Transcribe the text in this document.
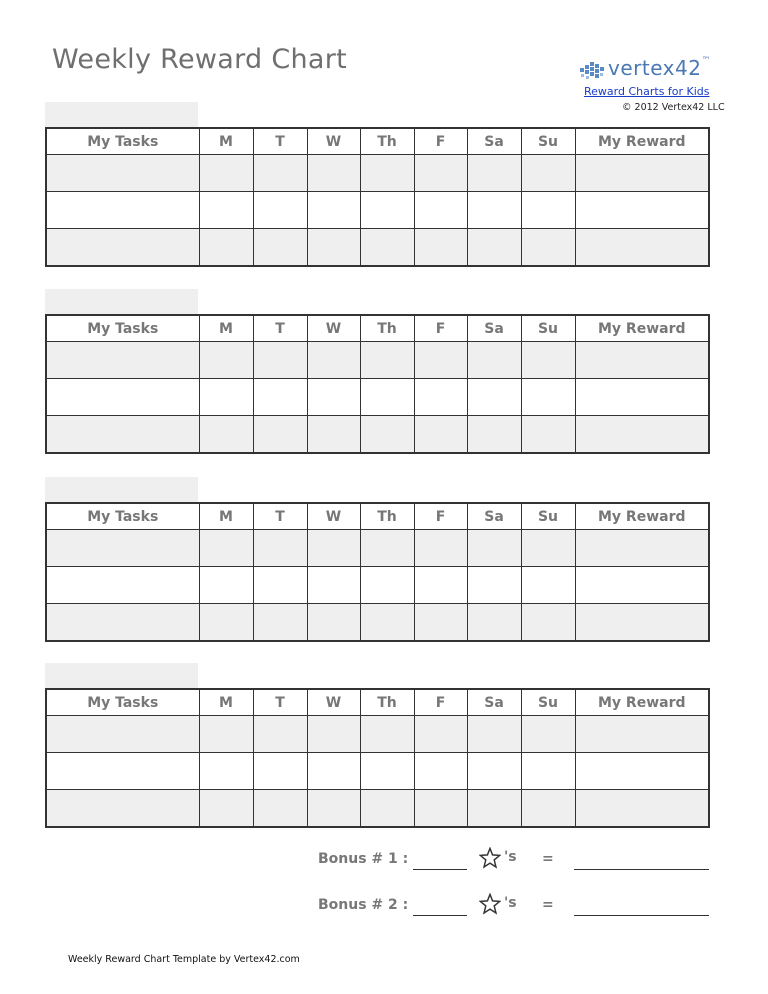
Weekly Reward Chart	vertex42™
Reward Charts for Kids
© 2012 Vertex42 LLC
My Tasks	M	T	W	Th	F	Sa	Su	My Reward

My Tasks	M	T	W	Th	F	Sa	Su	My Reward

My Tasks	M	T	W	Th	F	Sa	Su	My Reward

My Tasks	M	T	W	Th	F	Sa	Su	My Reward

Bonus # 1 :	's =
Bonus # 2 :	's =
Weekly Reward Chart Template by Vertex42.com
